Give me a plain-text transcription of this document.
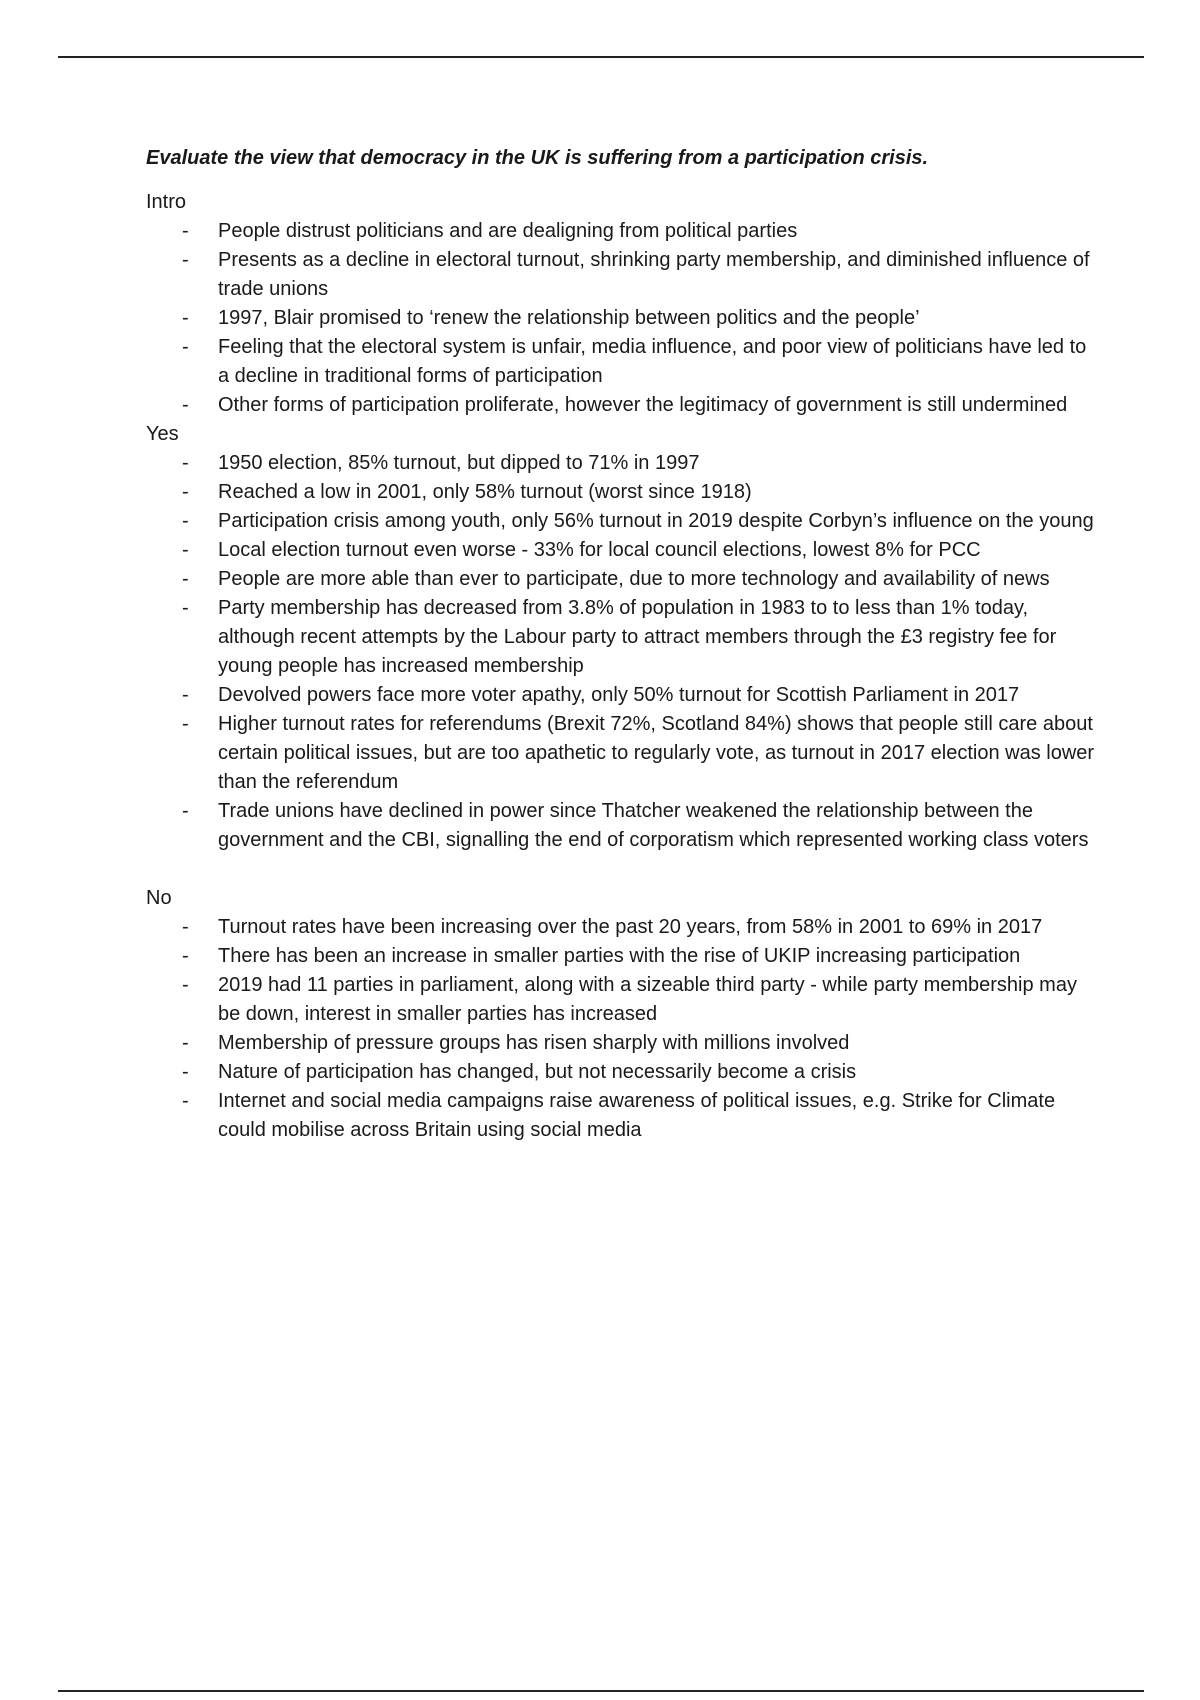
Evaluate the view that democracy in the UK is suffering from a participation crisis.

Intro

- People distrust politicians and are dealigning from political parties
- Presents as a decline in electoral turnout, shrinking party membership, and diminished influence of trade unions
- 1997, Blair promised to ‘renew the relationship between politics and the people’
- Feeling that the electoral system is unfair, media influence, and poor view of politicians have led to a decline in traditional forms of participation
- Other forms of participation proliferate, however the legitimacy of government is still undermined

Yes

- 1950 election, 85% turnout, but dipped to 71% in 1997
- Reached a low in 2001, only 58% turnout (worst since 1918)
- Participation crisis among youth, only 56% turnout in 2019 despite Corbyn’s influence on the young
- Local election turnout even worse - 33% for local council elections, lowest 8% for PCC
- People are more able than ever to participate, due to more technology and availability of news
- Party membership has decreased from 3.8% of population in 1983 to to less than 1% today, although recent attempts by the Labour party to attract members through the £3 registry fee for young people has increased membership
- Devolved powers face more voter apathy, only 50% turnout for Scottish Parliament in 2017
- Higher turnout rates for referendums (Brexit 72%, Scotland 84%) shows that people still care about certain political issues, but are too apathetic to regularly vote, as turnout in 2017 election was lower than the referendum
- Trade unions have declined in power since Thatcher weakened the relationship between the government and the CBI, signalling the end of corporatism which represented working class voters

No

- Turnout rates have been increasing over the past 20 years, from 58% in 2001 to 69% in 2017
- There has been an increase in smaller parties with the rise of UKIP increasing participation
- 2019 had 11 parties in parliament, along with a sizeable third party - while party membership may be down, interest in smaller parties has increased
- Membership of pressure groups has risen sharply with millions involved
- Nature of participation has changed, but not necessarily become a crisis
- Internet and social media campaigns raise awareness of political issues, e.g. Strike for Climate could mobilise across Britain using social media
